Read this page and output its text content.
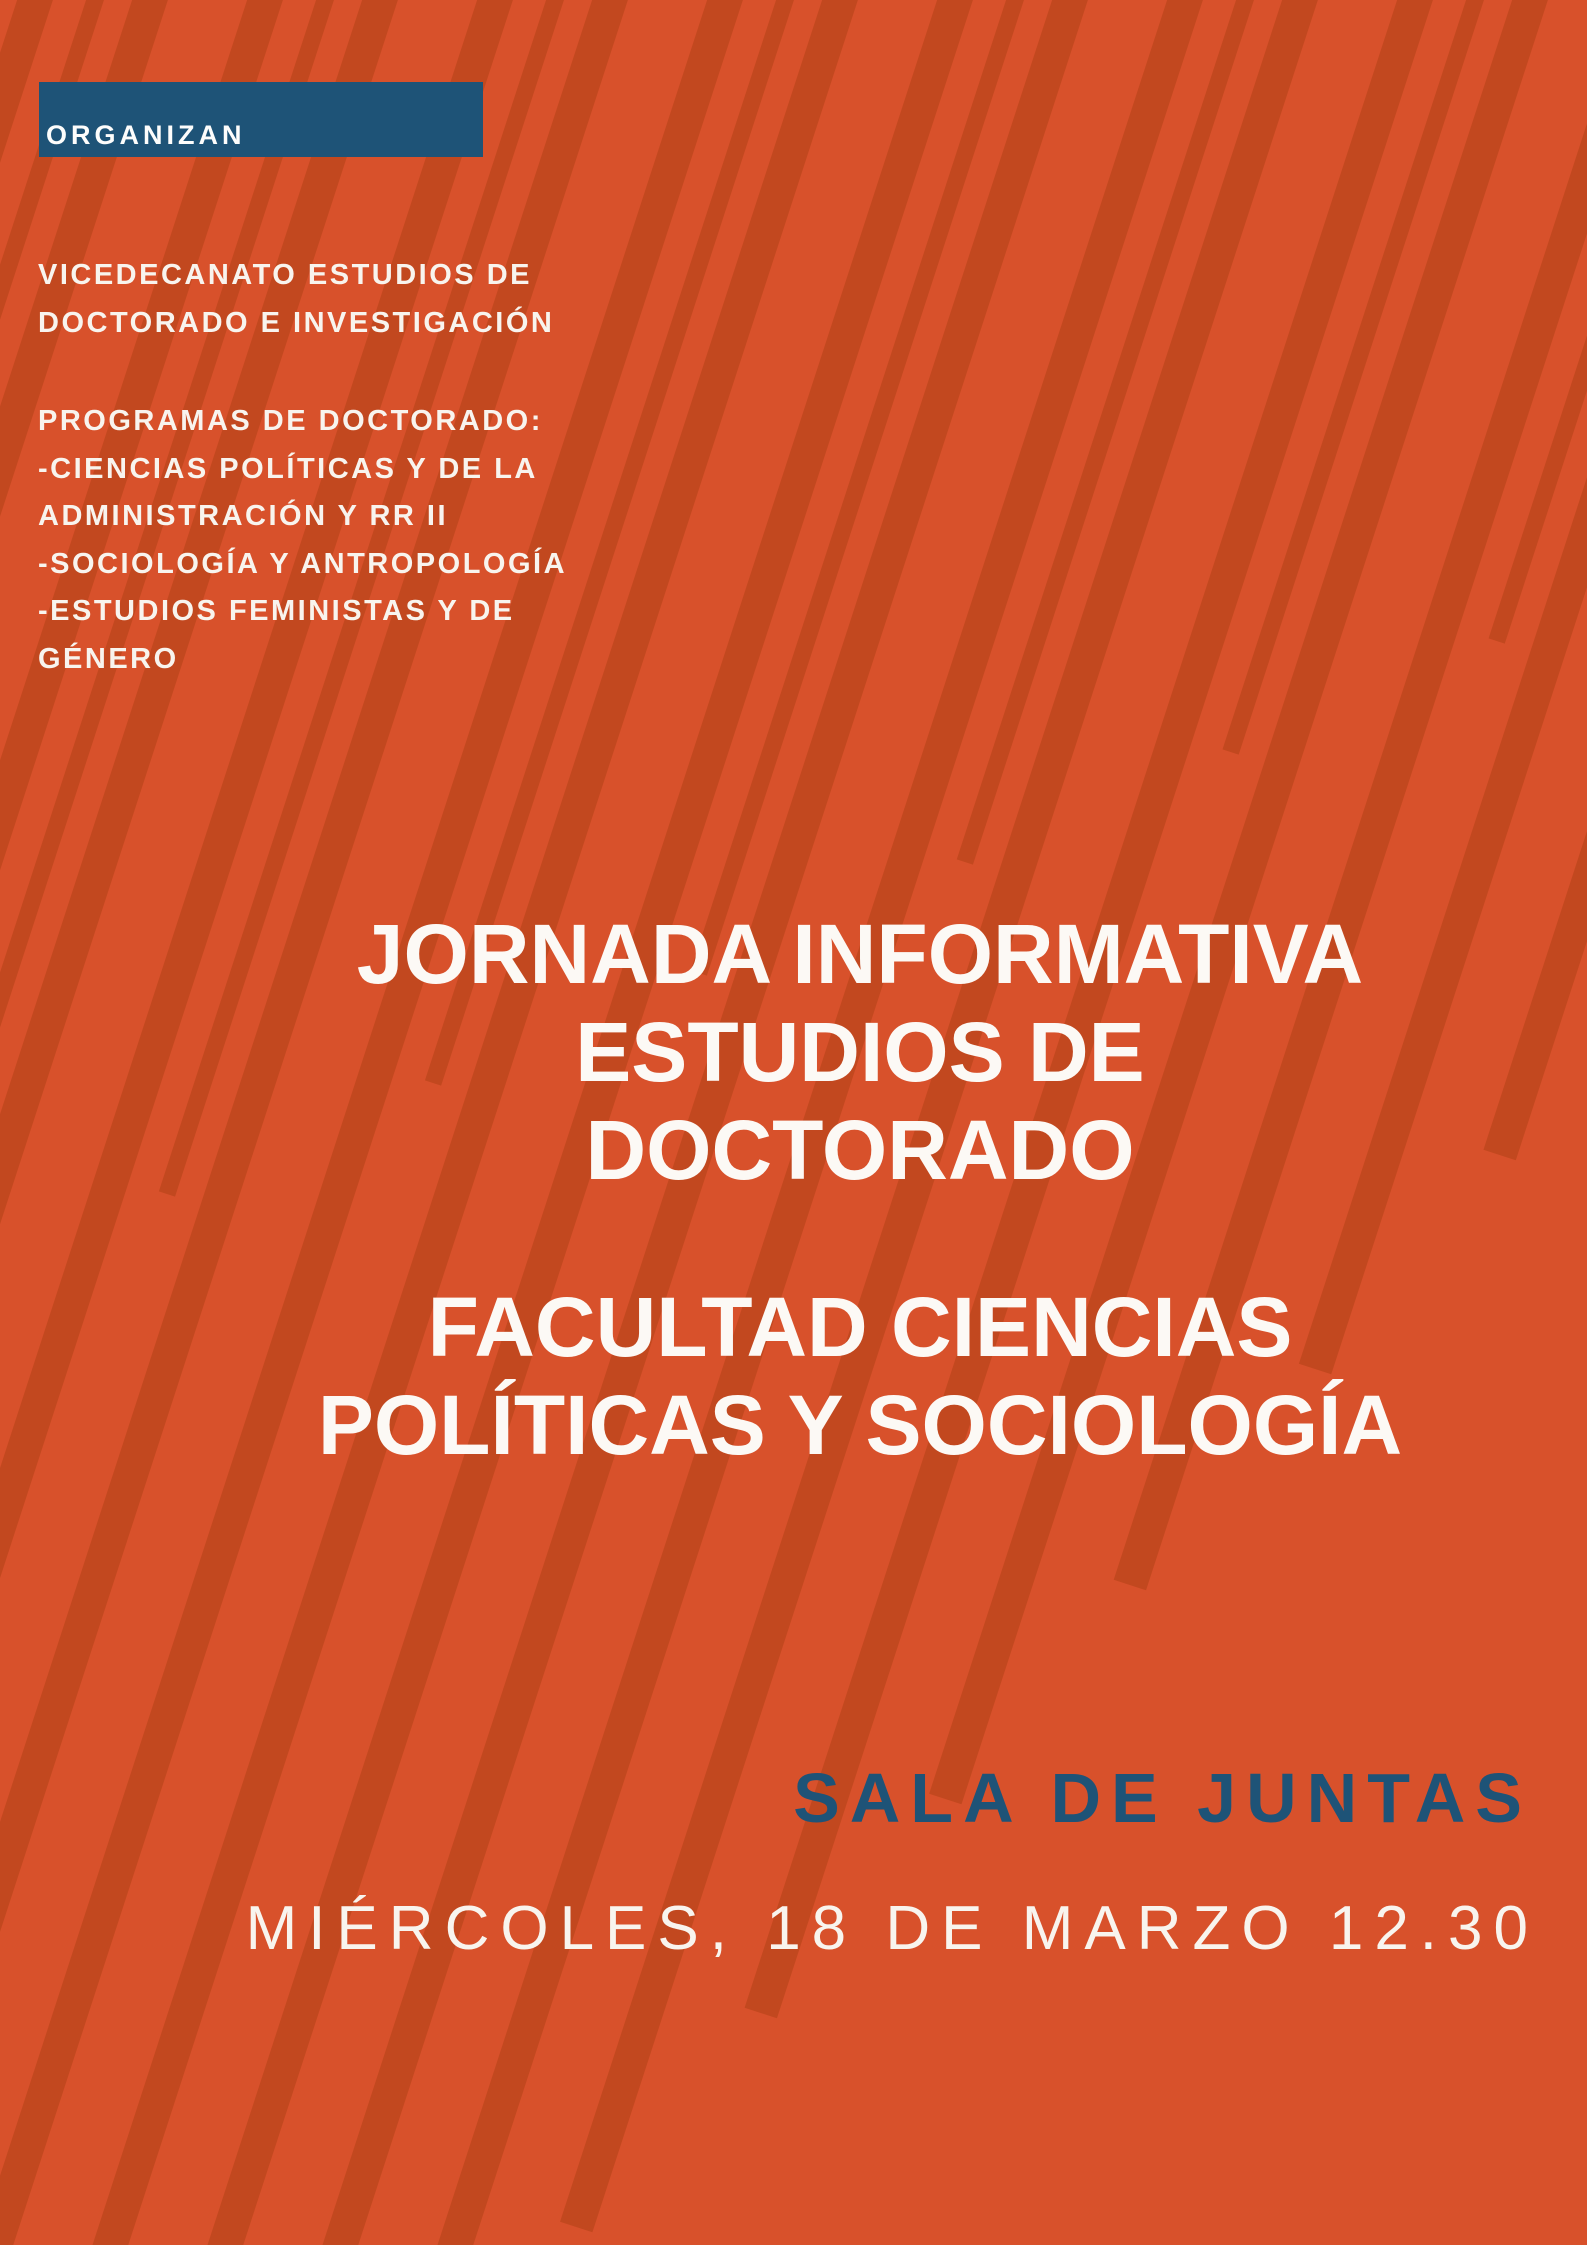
ORGANIZAN
VICEDECANATO ESTUDIOS DE
DOCTORADO E INVESTIGACIÓN
PROGRAMAS DE DOCTORADO:
-CIENCIAS POLÍTICAS Y DE LA
ADMINISTRACIÓN Y RR II
-SOCIOLOGÍA Y ANTROPOLOGÍA
-ESTUDIOS FEMINISTAS Y DE
GÉNERO
JORNADA INFORMATIVA
ESTUDIOS DE
DOCTORADO
FACULTAD CIENCIAS
POLÍTICAS Y SOCIOLOGÍA
SALA DE JUNTAS
MIÉRCOLES, 18 DE MARZO 12.30
